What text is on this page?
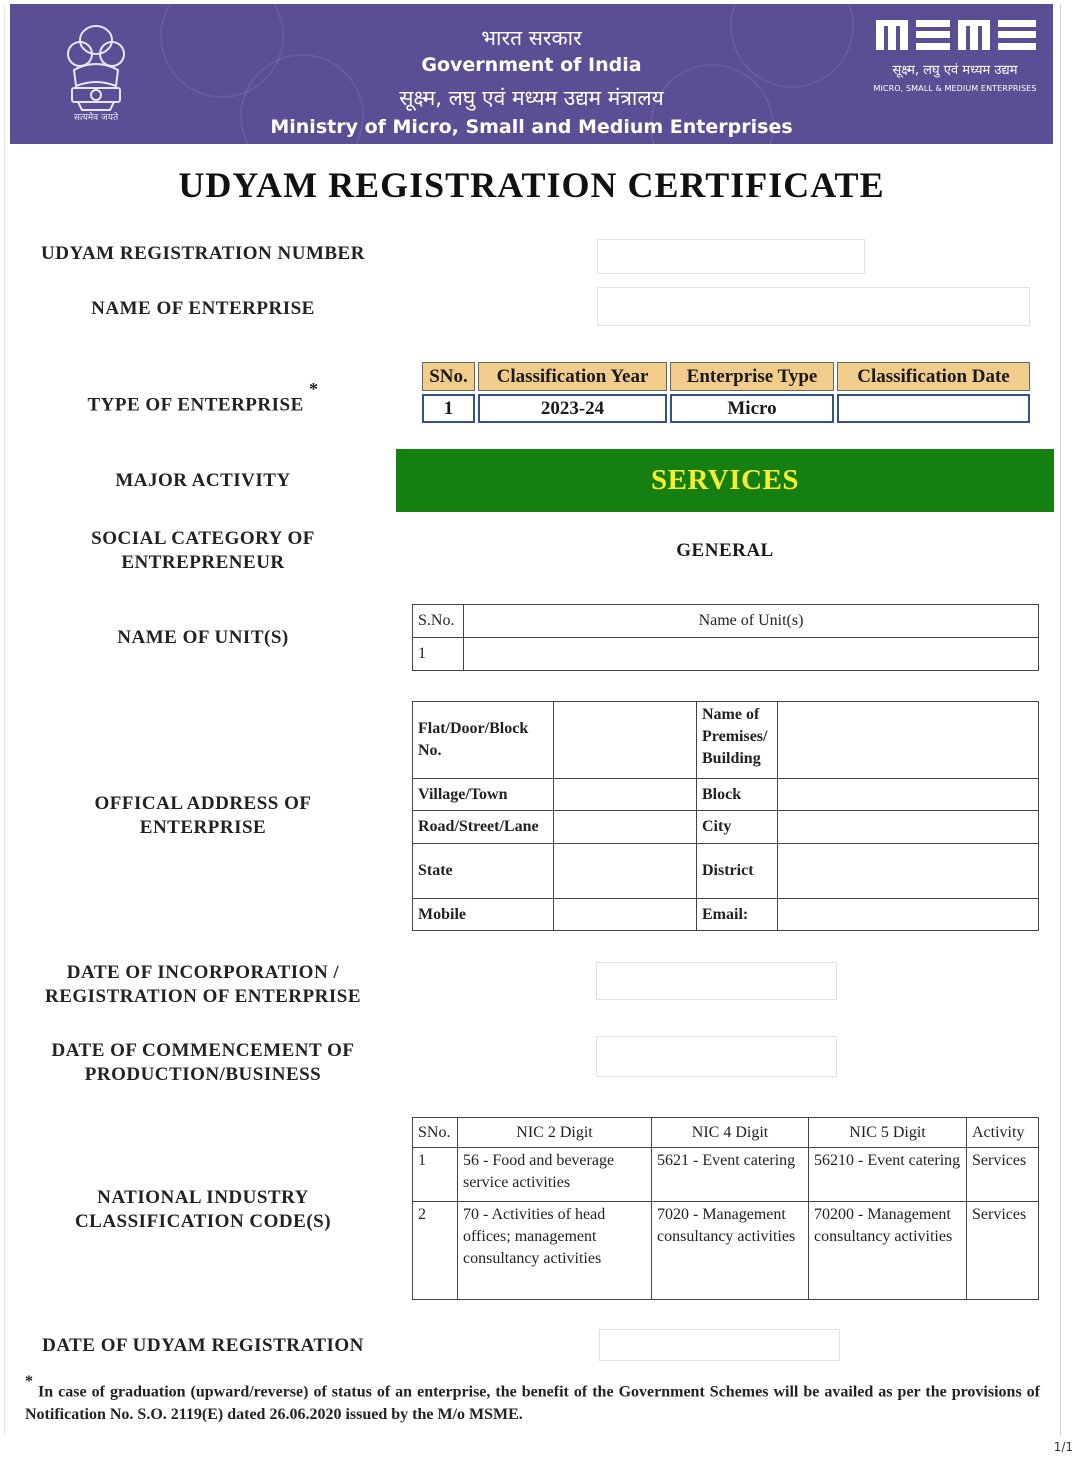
सत्यमेव जयते
भारत सरकार
Government of India
सूक्ष्म, लघु एवं मध्यम उद्यम मंत्रालय
Ministry of Micro, Small and Medium Enterprises
सूक्ष्म, लघु एवं मध्यम उद्यम
MICRO, SMALL & MEDIUM ENTERPRISES
UDYAM REGISTRATION CERTIFICATE
UDYAM REGISTRATION NUMBER
NAME OF ENTERPRISE
TYPE OF ENTERPRISE *
SNo.	Classification Year	Enterprise Type	Classification Date
1	2023-24	Micro
MAJOR ACTIVITY	SERVICES
SOCIAL CATEGORY OF
ENTREPRENEUR
GENERAL
NAME OF UNIT(S)
S.No.	Name of Unit(s)
1	
OFFICAL ADDRESS OF
ENTERPRISE
Flat/Door/Block No.		Name of Premises/ Building	
Village/Town		Block	
Road/Street/Lane		City	
State		District	
Mobile		Email:	
DATE OF INCORPORATION /
REGISTRATION OF ENTERPRISE
DATE OF COMMENCEMENT OF
PRODUCTION/BUSINESS
NATIONAL INDUSTRY
CLASSIFICATION CODE(S)
SNo.	NIC 2 Digit	NIC 4 Digit	NIC 5 Digit	Activity
1	56 - Food and beverage service activities	5621 - Event catering	56210 - Event catering	Services
2	70 - Activities of head offices; management consultancy activities	7020 - Management consultancy activities	70200 - Management consultancy activities	Services
DATE OF UDYAM REGISTRATION
* In case of graduation (upward/reverse) of status of an enterprise, the benefit of the Government Schemes will be availed as per the provisions of Notification No. S.O. 2119(E) dated 26.06.2020 issued by the M/o MSME.
1/1
